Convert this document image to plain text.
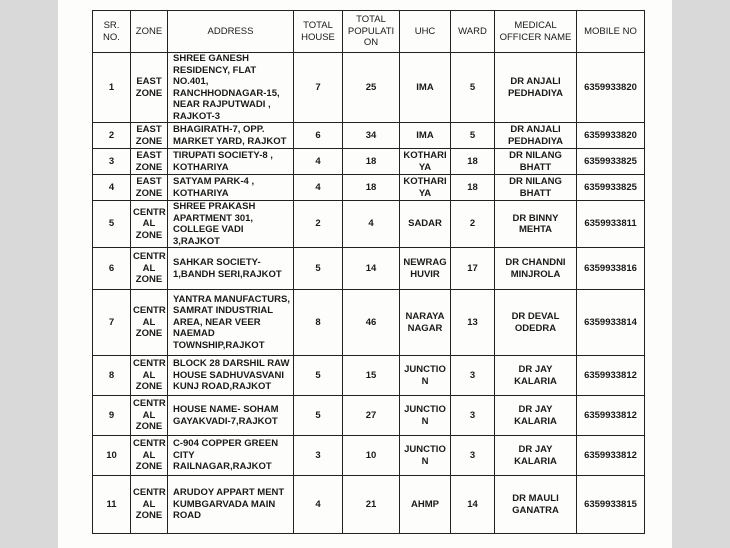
SR. NO.	ZONE	ADDRESS	TOTAL HOUSE	TOTAL POPULATI ON	UHC	WARD	MEDICAL OFFICER NAME	MOBILE NO
1	EAST ZONE	SHREE GANESH RESIDENCY, FLAT NO.401, RANCHHODNAGAR-15, NEAR RAJPUTWADI , RAJKOT-3	7	25	IMA	5	DR ANJALI PEDHADIYA	6359933820
2	EAST ZONE	BHAGIRATH-7, OPP. MARKET YARD, RAJKOT	6	34	IMA	5	DR ANJALI PEDHADIYA	6359933820
3	EAST ZONE	TIRUPATI SOCIETY-8 , KOTHARIYA	4	18	KOTHARI YA	18	DR NILANG BHATT	6359933825
4	EAST ZONE	SATYAM PARK-4 , KOTHARIYA	4	18	KOTHARI YA	18	DR NILANG BHATT	6359933825
5	CENTR AL ZONE	SHREE PRAKASH APARTMENT 301, COLLEGE VADI 3,RAJKOT	2	4	SADAR	2	DR BINNY MEHTA	6359933811
6	CENTR AL ZONE	SAHKAR SOCIETY- 1,BANDH SERI,RAJKOT	5	14	NEWRAG HUVIR	17	DR CHANDNI MINJROLA	6359933816
7	CENTR AL ZONE	YANTRA MANUFACTURS, SAMRAT INDUSTRIAL AREA, NEAR VEER NAEMAD TOWNSHIP,RAJKOT	8	46	NARAYA NAGAR	13	DR DEVAL ODEDRA	6359933814
8	CENTR AL ZONE	BLOCK 28 DARSHIL RAW HOUSE SADHUVASVANI KUNJ ROAD,RAJKOT	5	15	JUNCTIO N	3	DR JAY KALARIA	6359933812
9	CENTR AL ZONE	HOUSE NAME- SOHAM GAYAKVADI-7,RAJKOT	5	27	JUNCTIO N	3	DR JAY KALARIA	6359933812
10	CENTR AL ZONE	C-904 COPPER GREEN CITY RAILNAGAR,RAJKOT	3	10	JUNCTIO N	3	DR JAY KALARIA	6359933812
11	CENTR AL ZONE	ARUDOY APPART MENT KUMBGARVADA MAIN ROAD	4	21	AHMP	14	DR MAULI GANATRA	6359933815
